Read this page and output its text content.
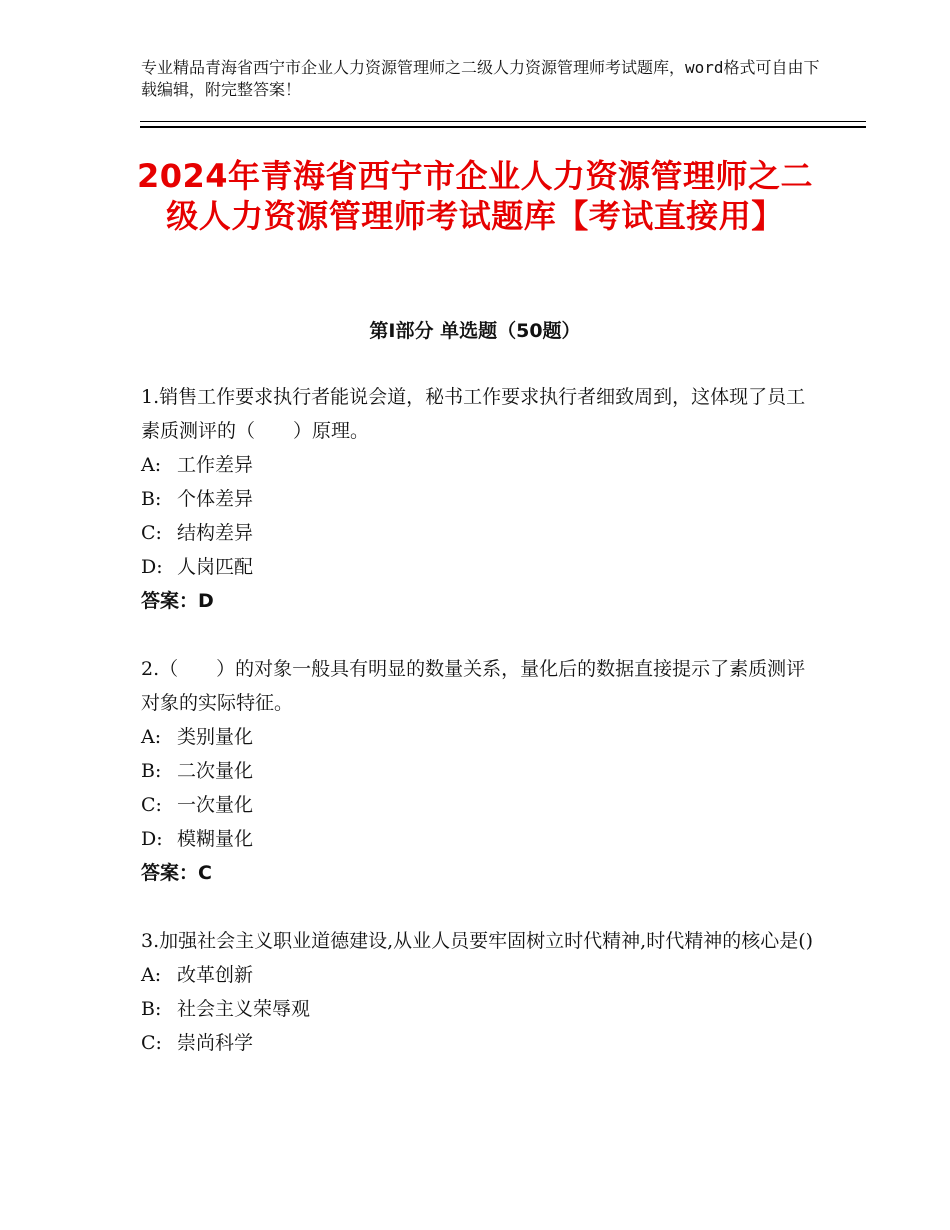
专业精品青海省西宁市企业人力资源管理师之二级人力资源管理师考试题库，word格式可自由下载编辑，附完整答案！
2024年青海省西宁市企业人力资源管理师之二级人力资源管理师考试题库【考试直接用】
第Ⅰ部分 单选题（50题）

1.销售工作要求执行者能说会道，秘书工作要求执行者细致周到，这体现了员工素质测评的（　　）原理。

A: 工作差异
B: 个体差异
C: 结构差异
D: 人岗匹配
答案：D

2.（　　）的对象一般具有明显的数量关系，量化后的数据直接提示了素质测评对象的实际特征。

A: 类别量化
B: 二次量化
C: 一次量化
D: 模糊量化
答案：C

3.加强社会主义职业道德建设,从业人员要牢固树立时代精神,时代精神的核心是()

A: 改革创新
B: 社会主义荣辱观
C: 崇尚科学
